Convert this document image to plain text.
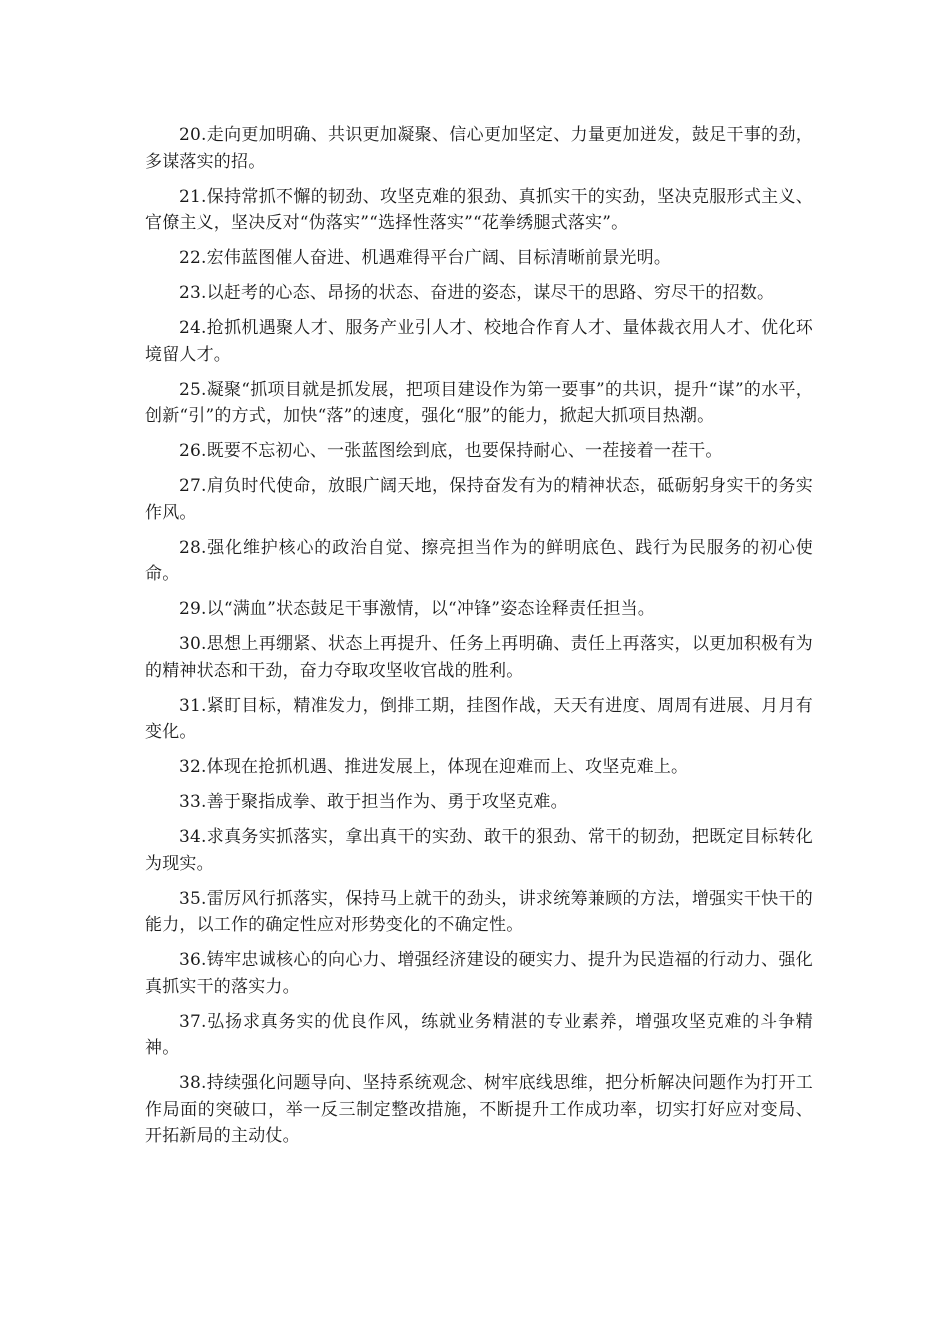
20.走向更加明确、共识更加凝聚、信心更加坚定、力量更加迸发，鼓足干事的劲，多谋落实的招。

21.保持常抓不懈的韧劲、攻坚克难的狠劲、真抓实干的实劲，坚决克服形式主义、官僚主义，坚决反对“伪落实”“选择性落实”“花拳绣腿式落实”。

22.宏伟蓝图催人奋进、机遇难得平台广阔、目标清晰前景光明。

23.以赶考的心态、昂扬的状态、奋进的姿态，谋尽干的思路、穷尽干的招数。

24.抢抓机遇聚人才、服务产业引人才、校地合作育人才、量体裁衣用人才、优化环境留人才。

25.凝聚“抓项目就是抓发展，把项目建设作为第一要事”的共识，提升“谋”的水平，创新“引”的方式，加快“落”的速度，强化“服”的能力，掀起大抓项目热潮。

26.既要不忘初心、一张蓝图绘到底，也要保持耐心、一茬接着一茬干。

27.肩负时代使命，放眼广阔天地，保持奋发有为的精神状态，砥砺躬身实干的务实作风。

28.强化维护核心的政治自觉、擦亮担当作为的鲜明底色、践行为民服务的初心使命。

29.以“满血”状态鼓足干事激情，以“冲锋”姿态诠释责任担当。

30.思想上再绷紧、状态上再提升、任务上再明确、责任上再落实，以更加积极有为的精神状态和干劲，奋力夺取攻坚收官战的胜利。

31.紧盯目标，精准发力，倒排工期，挂图作战，天天有进度、周周有进展、月月有变化。

32.体现在抢抓机遇、推进发展上，体现在迎难而上、攻坚克难上。

33.善于聚指成拳、敢于担当作为、勇于攻坚克难。

34.求真务实抓落实，拿出真干的实劲、敢干的狠劲、常干的韧劲，把既定目标转化为现实。

35.雷厉风行抓落实，保持马上就干的劲头，讲求统筹兼顾的方法，增强实干快干的能力，以工作的确定性应对形势变化的不确定性。

36.铸牢忠诚核心的向心力、增强经济建设的硬实力、提升为民造福的行动力、强化真抓实干的落实力。

37.弘扬求真务实的优良作风，练就业务精湛的专业素养，增强攻坚克难的斗争精神。

38.持续强化问题导向、坚持系统观念、树牢底线思维，把分析解决问题作为打开工作局面的突破口，举一反三制定整改措施，不断提升工作成功率，切实打好应对变局、开拓新局的主动仗。
